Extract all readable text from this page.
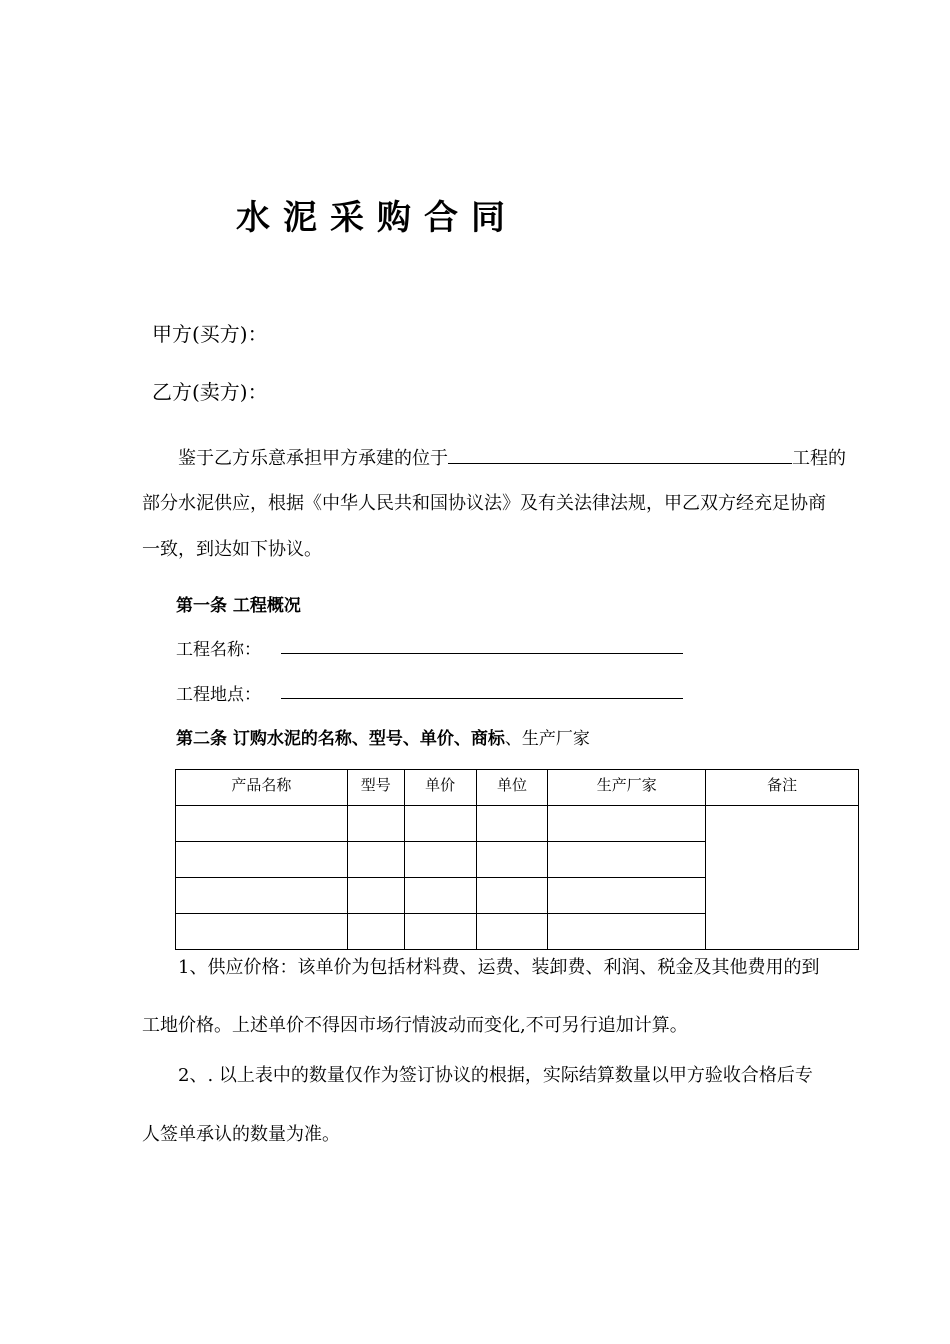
水泥采购合同
甲方(买方)：
乙方(卖方)：
鉴于乙方乐意承担甲方承建的位于	工程的
部分水泥供应，根据《中华人民共和国协议法》及有关法律法规，甲乙双方经充足协商
一致，到达如下协议。
第一条 工程概况
工程名称：
工程地点：
第二条 订购水泥的名称、型号、单价、商标、生产厂家
产品名称	型号	单价	单位	生产厂家	备注

1、供应价格：该单价为包括材料费、运费、装卸费、利润、税金及其他费用的到
工地价格。上述单价不得因市场行情波动而变化,不可另行追加计算。
2、. 以上表中的数量仅作为签订协议的根据，实际结算数量以甲方验收合格后专
人签单承认的数量为准。
